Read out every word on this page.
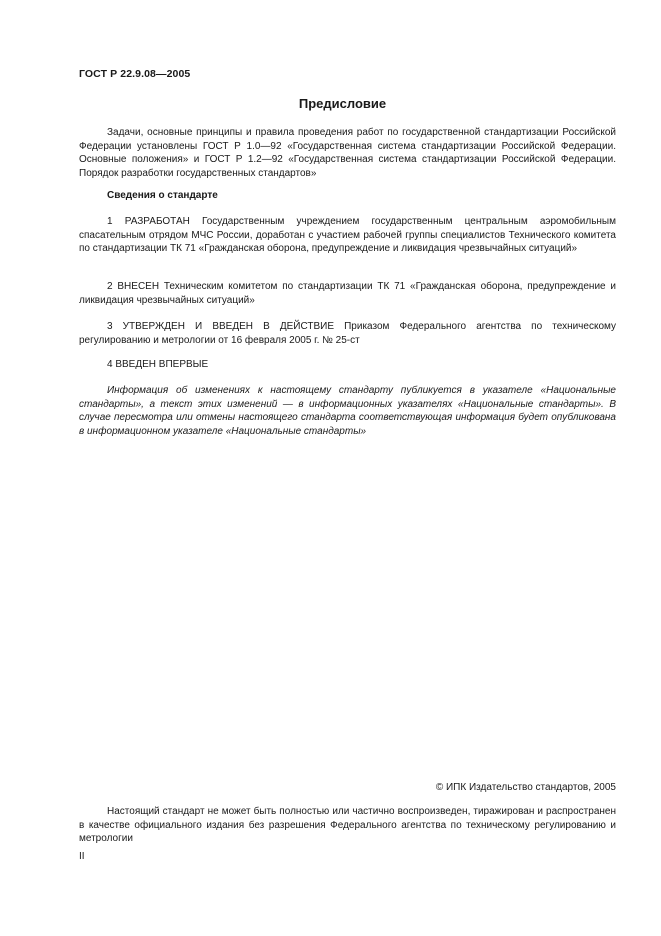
ГОСТ Р 22.9.08—2005
Предисловие

Задачи, основные принципы и правила проведения работ по государственной стандартизации Российской Федерации установлены ГОСТ Р 1.0—92 «Государственная система стандартизации Российской Федерации. Основные положения» и ГОСТ Р 1.2—92 «Государственная система стандартизации Российской Федерации. Порядок разработки государственных стандартов»

Сведения о стандарте

1 РАЗРАБОТАН Государственным учреждением государственным центральным аэромобильным спасательным отрядом МЧС России, доработан с участием рабочей группы специалистов Технического комитета по стандартизации ТК 71 «Гражданская оборона, предупреждение и ликвидация чрезвычайных ситуаций»

2 ВНЕСЕН Техническим комитетом по стандартизации ТК 71 «Гражданская оборона, предупреждение и ликвидация чрезвычайных ситуаций»

3 УТВЕРЖДЕН И ВВЕДЕН В ДЕЙСТВИЕ Приказом Федерального агентства по техническому регулированию и метрологии от 16 февраля 2005 г. № 25-ст

4 ВВЕДЕН ВПЕРВЫЕ

Информация об изменениях к настоящему стандарту публикуется в указателе «Национальные стандарты», а текст этих изменений — в информационных указателях «Национальные стандарты». В случае пересмотра или отмены настоящего стандарта соответствующая информация будет опубликована в информационном указателе «Национальные стандарты»

© ИПК Издательство стандартов, 2005

Настоящий стандарт не может быть полностью или частично воспроизведен, тиражирован и распространен в качестве официального издания без разрешения Федерального агентства по техническому регулированию и метрологии

II
